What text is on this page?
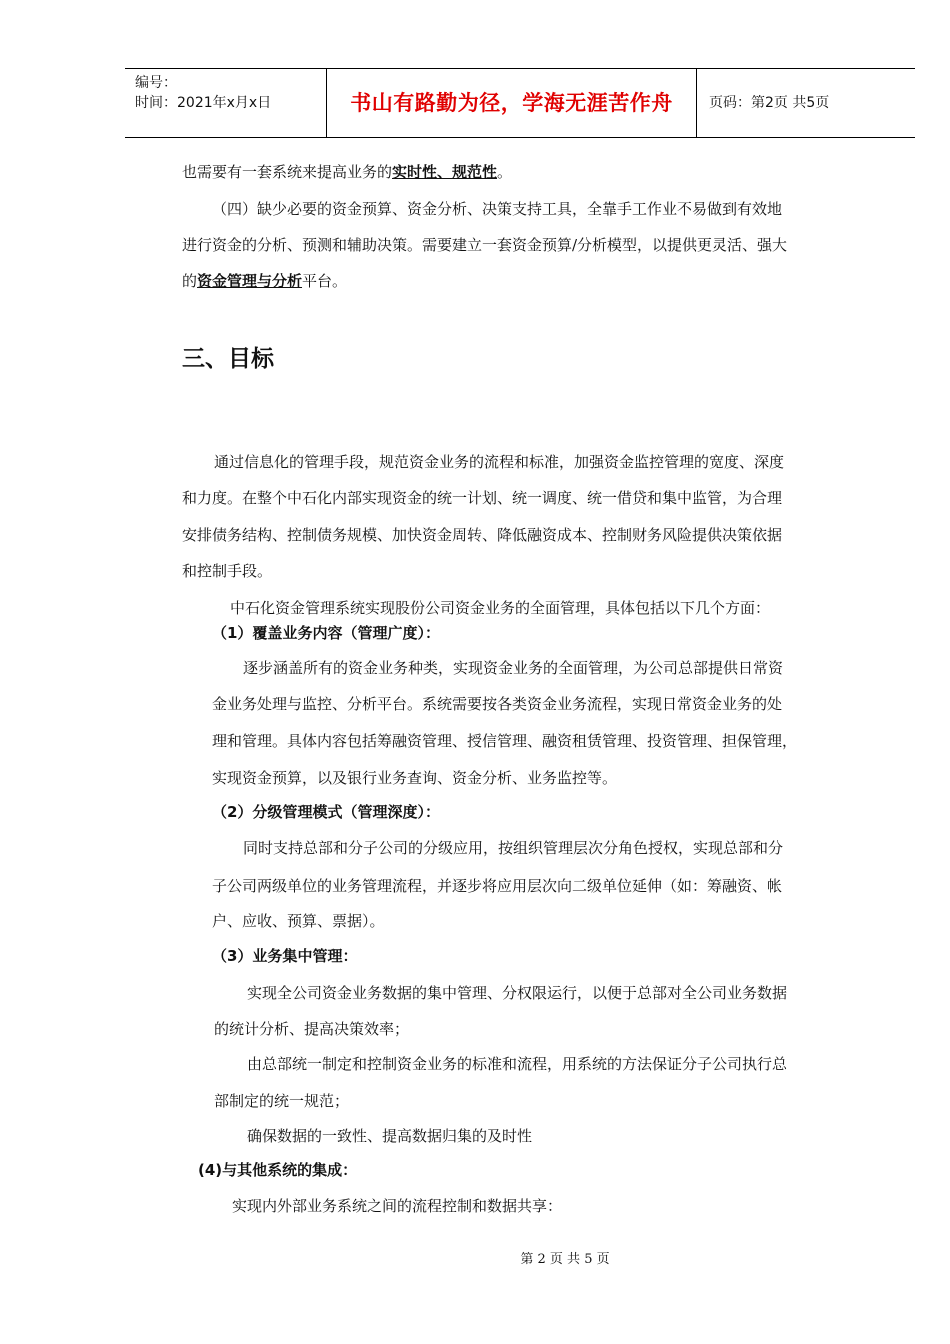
编号：
时间：2021年x月x日	书山有路勤为径，学海无涯苦作舟	页码：第2页 共5页
也需要有一套系统来提高业务的实时性、规范性。
（四）缺少必要的资金预算、资金分析、决策支持工具，全靠手工作业不易做到有效地
进行资金的分析、预测和辅助决策。需要建立一套资金预算/分析模型，以提供更灵活、强大
的资金管理与分析平台。
三、目标
通过信息化的管理手段，规范资金业务的流程和标准，加强资金监控管理的宽度、深度
和力度。在整个中石化内部实现资金的统一计划、统一调度、统一借贷和集中监管，为合理
安排债务结构、控制债务规模、加快资金周转、降低融资成本、控制财务风险提供决策依据
和控制手段。
中石化资金管理系统实现股份公司资金业务的全面管理，具体包括以下几个方面：
（1）覆盖业务内容（管理广度）：
逐步涵盖所有的资金业务种类，实现资金业务的全面管理，为公司总部提供日常资
金业务处理与监控、分析平台。系统需要按各类资金业务流程，实现日常资金业务的处
理和管理。具体内容包括筹融资管理、授信管理、融资租赁管理、投资管理、担保管理，
实现资金预算，以及银行业务查询、资金分析、业务监控等。
（2）分级管理模式（管理深度）：
同时支持总部和分子公司的分级应用，按组织管理层次分角色授权，实现总部和分
子公司两级单位的业务管理流程，并逐步将应用层次向二级单位延伸（如：筹融资、帐
户、应收、预算、票据）。
（3）业务集中管理：
实现全公司资金业务数据的集中管理、分权限运行，以便于总部对全公司业务数据
的统计分析、提高决策效率；
由总部统一制定和控制资金业务的标准和流程，用系统的方法保证分子公司执行总
部制定的统一规范；
确保数据的一致性、提高数据归集的及时性
(4)与其他系统的集成：
实现内外部业务系统之间的流程控制和数据共享：
第 2 页 共 5 页
